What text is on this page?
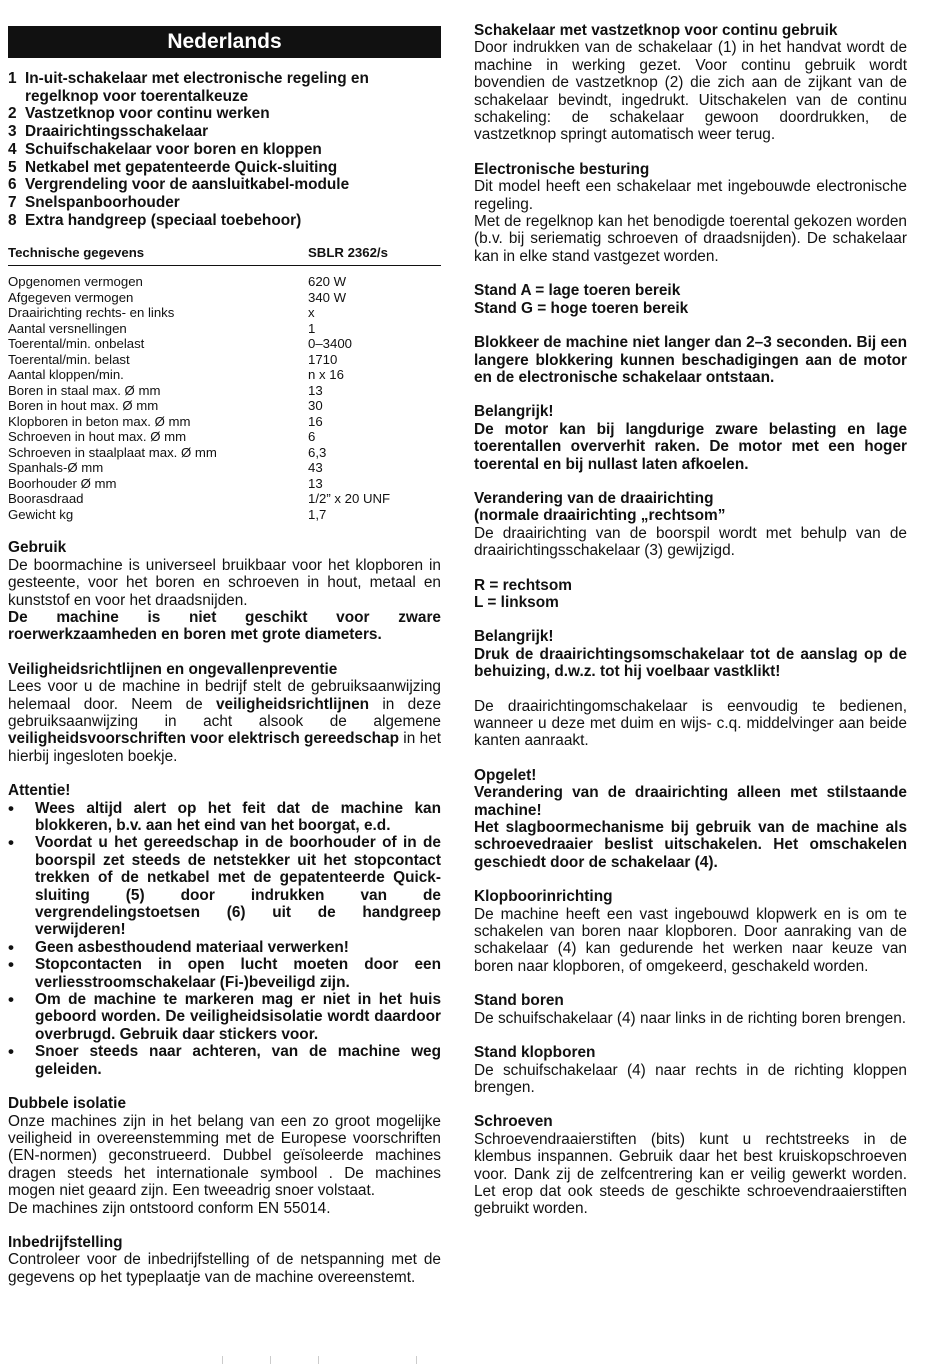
Nederlands
1 In-uit-schakelaar met electronische regeling en regelknop voor toerentalkeuze
2 Vastzetknop voor continu werken
3 Draairichtingsschakelaar
4 Schuifschakelaar voor boren en kloppen
5 Netkabel met gepatenteerde Quick-sluiting
6 Vergrendeling voor de aansluitkabel-module
7 Snelspanboorhouder
8 Extra handgreep (speciaal toebehoor)
Technische gegevens	SBLR 2362/s
Opgenomen vermogen	620 W
Afgegeven vermogen	340 W
Draairichting rechts- en links	x
Aantal versnellingen	1
Toerental/min. onbelast	0–3400
Toerental/min. belast	1710
Aantal kloppen/min.	n x 16
Boren in staal max. Ø mm	13
Boren in hout max. Ø mm	30
Klopboren in beton max. Ø mm	16
Schroeven in hout max. Ø mm	6
Schroeven in staalplaat max. Ø mm	6,3
Spanhals-Ø mm	43
Boorhouder Ø mm	13
Boorasdraad	1/2” x 20 UNF
Gewicht kg	1,7
Gebruik
De boormachine is universeel bruikbaar voor het klopboren in gesteente, voor het boren en schroeven in hout, metaal en kunststof en voor het draadsnijden.
De machine is niet geschikt voor zware roerwerkzaamheden en boren met grote diameters.
Veiligheidsrichtlijnen en ongevallenpreventie
Lees voor u de machine in bedrijf stelt de gebruiksaanwijzing helemaal door. Neem de veiligheidsrichtlijnen in deze gebruiksaanwijzing in acht alsook de algemene veiligheidsvoorschriften voor elektrisch gereedschap in het hierbij ingesloten boekje.
Attentie!
• Wees altijd alert op het feit dat de machine kan blokkeren, b.v. aan het eind van het boorgat, e.d.
• Voordat u het gereedschap in de boorhouder of in de boorspil zet steeds de netstekker uit het stopcontact trekken of de netkabel met de gepatenteerde Quick-sluiting (5) door indrukken van de vergrendelingstoetsen (6) uit de handgreep verwijderen!
• Geen asbesthoudend materiaal verwerken!
• Stopcontacten in open lucht moeten door een verliesstroomschakelaar (Fi-)beveiligd zijn.
• Om de machine te markeren mag er niet in het huis geboord worden. De veiligheidsisolatie wordt daardoor overbrugd. Gebruik daar stickers voor.
• Snoer steeds naar achteren, van de machine weg geleiden.
Dubbele isolatie
Onze machines zijn in het belang van een zo groot mogelijke veiligheid in overeenstemming met de Europese voorschriften (EN-normen) geconstrueerd. Dubbel geïsoleerde machines dragen steeds het internationale symbool . De machines mogen niet geaard zijn. Een tweeadrig snoer volstaat.
De machines zijn ontstoord conform EN 55014.
Inbedrijfstelling
Controleer voor de inbedrijfstelling of de netspanning met de gegevens op het typeplaatje van de machine overeenstemt.
Schakelaar met vastzetknop voor continu gebruik
Door indrukken van de schakelaar (1) in het handvat wordt de machine in werking gezet. Voor continu gebruik wordt bovendien de vastzetknop (2) die zich aan de zijkant van de schakelaar bevindt, ingedrukt. Uitschakelen van de continu schakeling: de schakelaar gewoon doordrukken, de vastzetknop springt automatisch weer terug.
Electronische besturing
Dit model heeft een schakelaar met ingebouwde electronische regeling.
Met de regelknop kan het benodigde toerental gekozen worden (b.v. bij seriematig schroeven of draadsnijden). De schakelaar kan in elke stand vastgezet worden.
Stand A = lage toeren bereik
Stand G = hoge toeren bereik
Blokkeer de machine niet langer dan 2–3 seconden. Bij een langere blokkering kunnen beschadigingen aan de motor en de electronische schakelaar ontstaan.
Belangrijk!
De motor kan bij langdurige zware belasting en lage toerentallen oververhit raken. De motor met een hoger toerental en bij nullast laten afkoelen.
Verandering van de draairichting
(normale draairichting „rechtsom”
De draairichting van de boorspil wordt met behulp van de draairichtingsschakelaar (3) gewijzigd.
R = rechtsom
L = linksom
Belangrijk!
Druk de draairichtingsomschakelaar tot de aanslag op de behuizing, d.w.z. tot hij voelbaar vastklikt!
De draairichtingomschakelaar is eenvoudig te bedienen, wanneer u deze met duim en wijs- c.q. middelvinger aan beide kanten aanraakt.
Opgelet!
Verandering van de draairichting alleen met stilstaande machine!
Het slagboormechanisme bij gebruik van de machine als schroevedraaier beslist uitschakelen. Het omschakelen geschiedt door de schakelaar (4).
Klopboorinrichting
De machine heeft een vast ingebouwd klopwerk en is om te schakelen van boren naar klopboren. Door aanraking van de schakelaar (4) kan gedurende het werken naar keuze van boren naar klopboren, of omgekeerd, geschakeld worden.
Stand boren
De schuifschakelaar (4) naar links in de richting boren brengen.
Stand klopboren
De schuifschakelaar (4) naar rechts in de richting kloppen brengen.
Schroeven
Schroevendraaierstiften (bits) kunt u rechtstreeks in de klembus inspannen. Gebruik daar het best kruiskopschroeven voor. Dank zij de zelfcentrering kan er veilig gewerkt worden. Let erop dat ook steeds de geschikte schroevendraaierstiften gebruikt worden.
